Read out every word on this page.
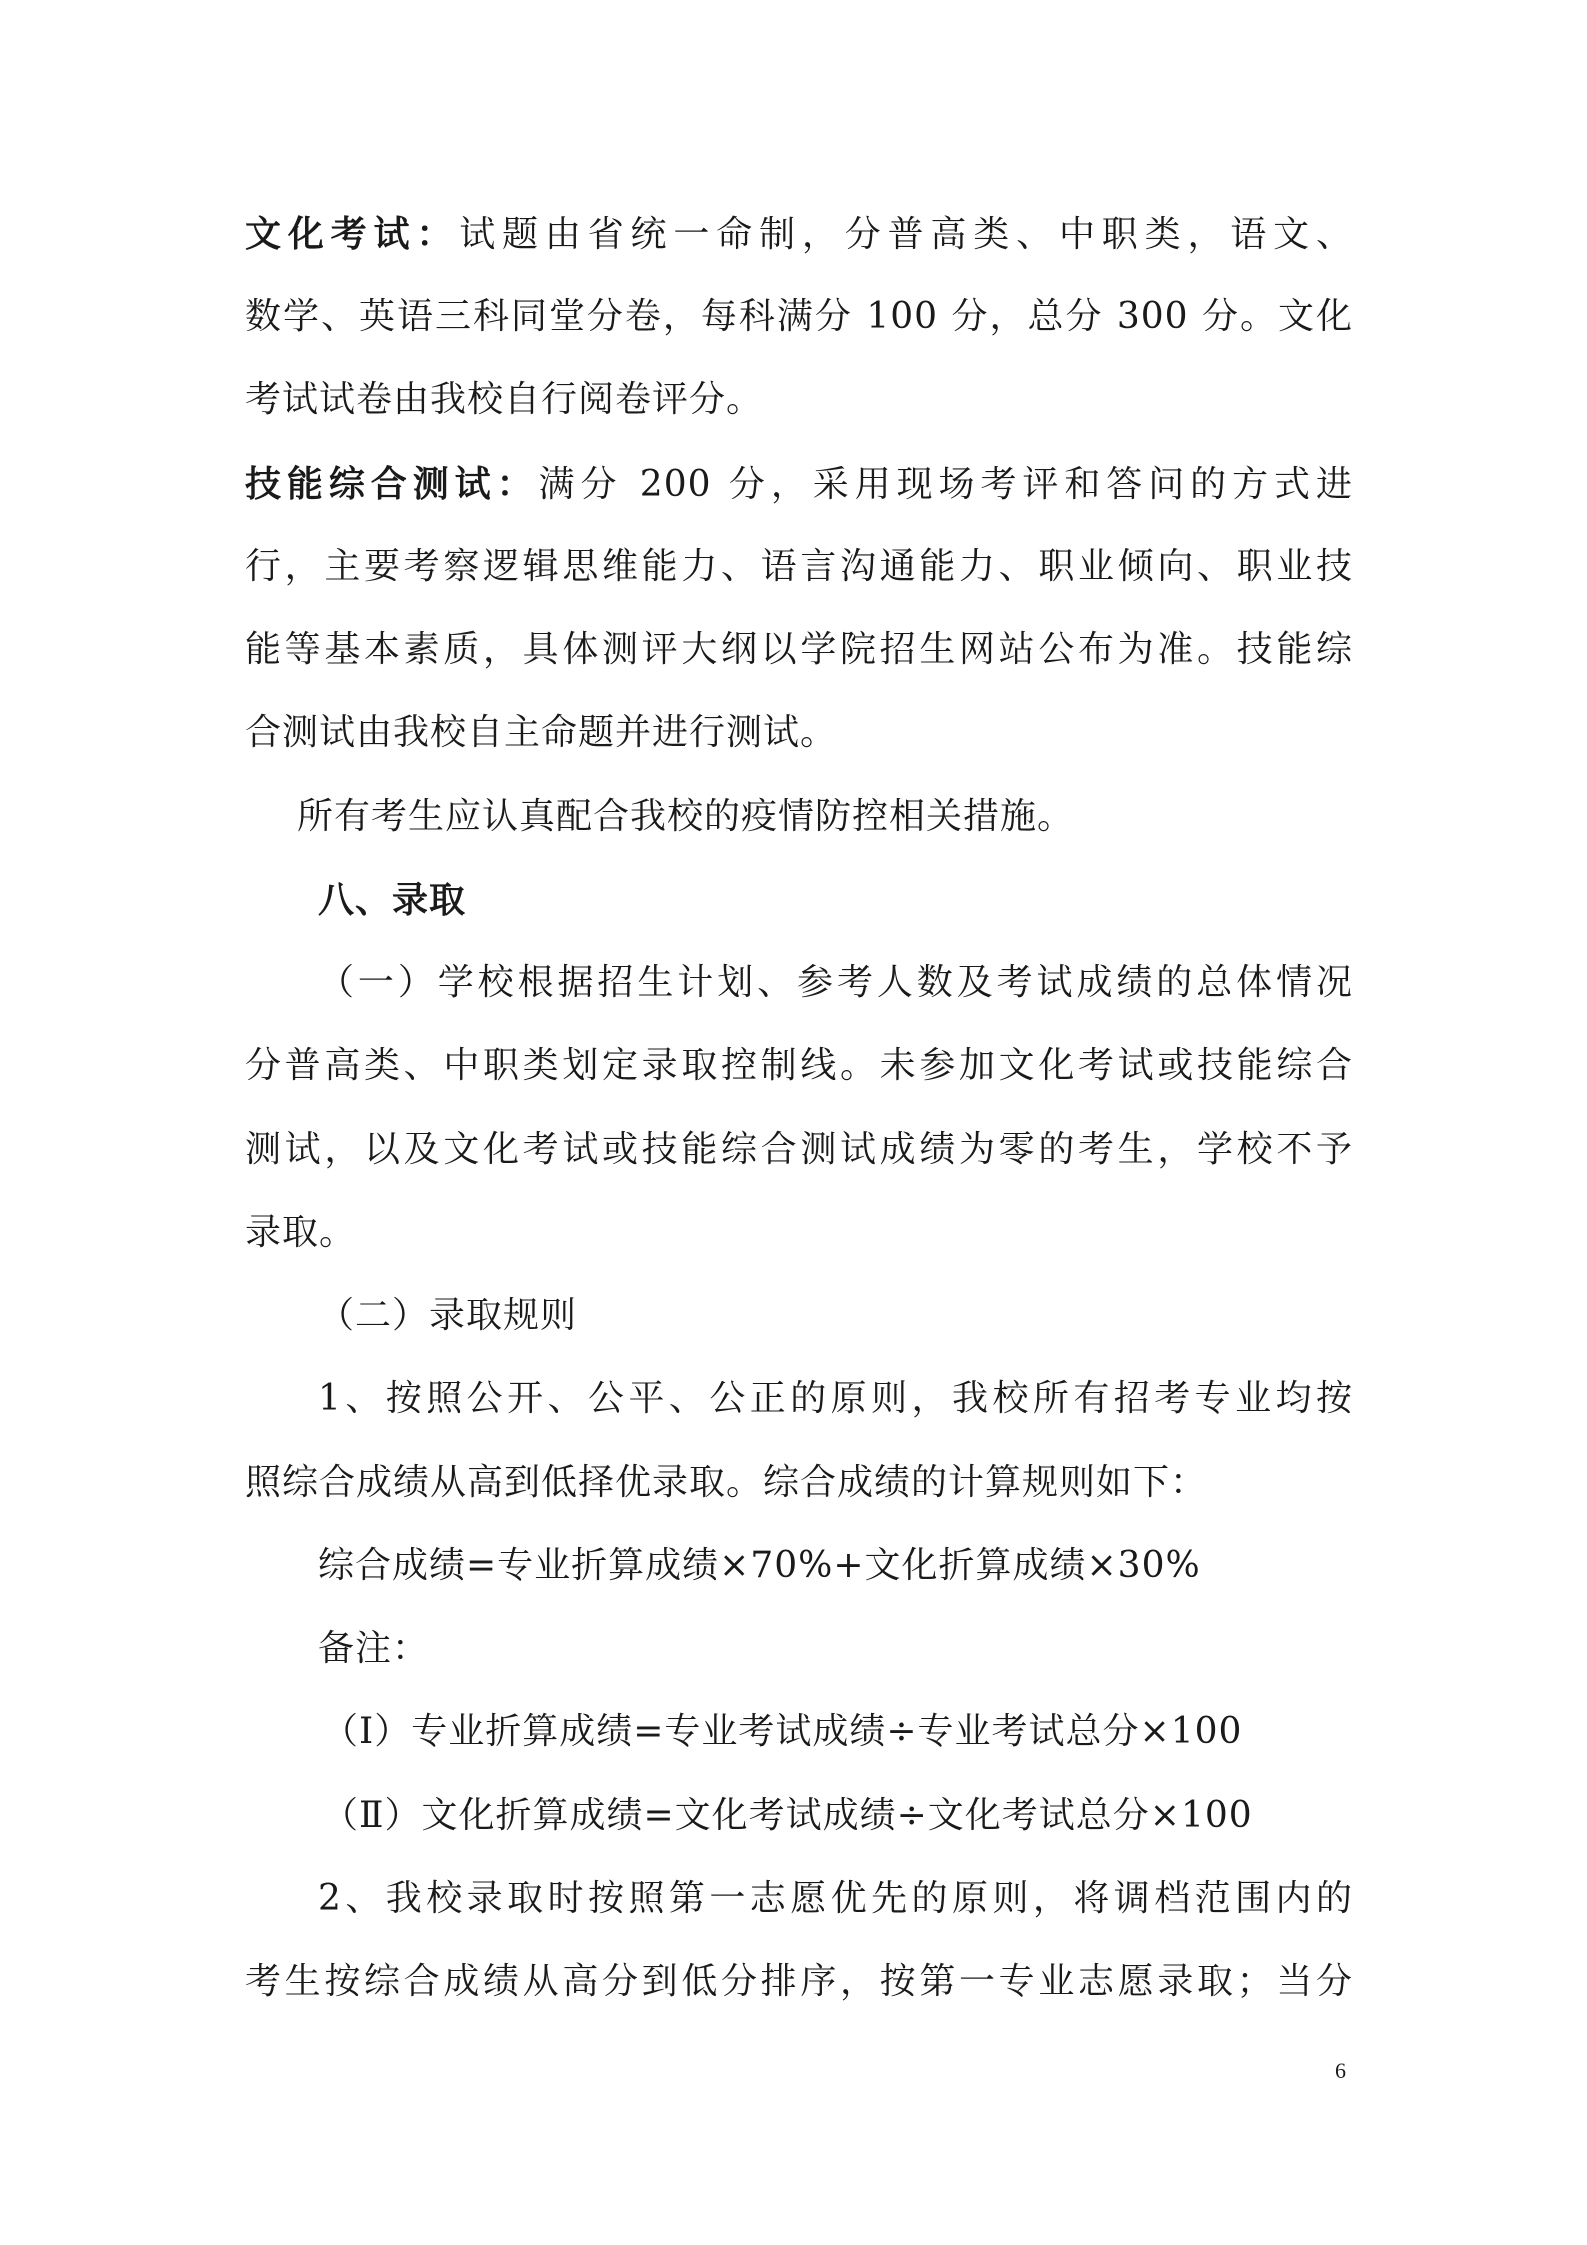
文化考试：试题由省统一命制，分普高类、中职类，语文、
数学、英语三科同堂分卷，每科满分 100 分，总分 300 分。文化
考试试卷由我校自行阅卷评分。
技能综合测试：满分 200 分，采用现场考评和答问的方式进
行，主要考察逻辑思维能力、语言沟通能力、职业倾向、职业技
能等基本素质，具体测评大纲以学院招生网站公布为准。技能综
合测试由我校自主命题并进行测试。
所有考生应认真配合我校的疫情防控相关措施。
八、录取
（一）学校根据招生计划、参考人数及考试成绩的总体情况
分普高类、中职类划定录取控制线。未参加文化考试或技能综合
测试，以及文化考试或技能综合测试成绩为零的考生，学校不予
录取。
（二）录取规则
1、按照公开、公平、公正的原则，我校所有招考专业均按
照综合成绩从高到低择优录取。综合成绩的计算规则如下：
综合成绩=专业折算成绩×70%+文化折算成绩×30%
备注：
（Ⅰ）专业折算成绩=专业考试成绩÷专业考试总分×100
（Ⅱ）文化折算成绩=文化考试成绩÷文化考试总分×100
2、我校录取时按照第一志愿优先的原则，将调档范围内的
考生按综合成绩从高分到低分排序，按第一专业志愿录取；当分
6
